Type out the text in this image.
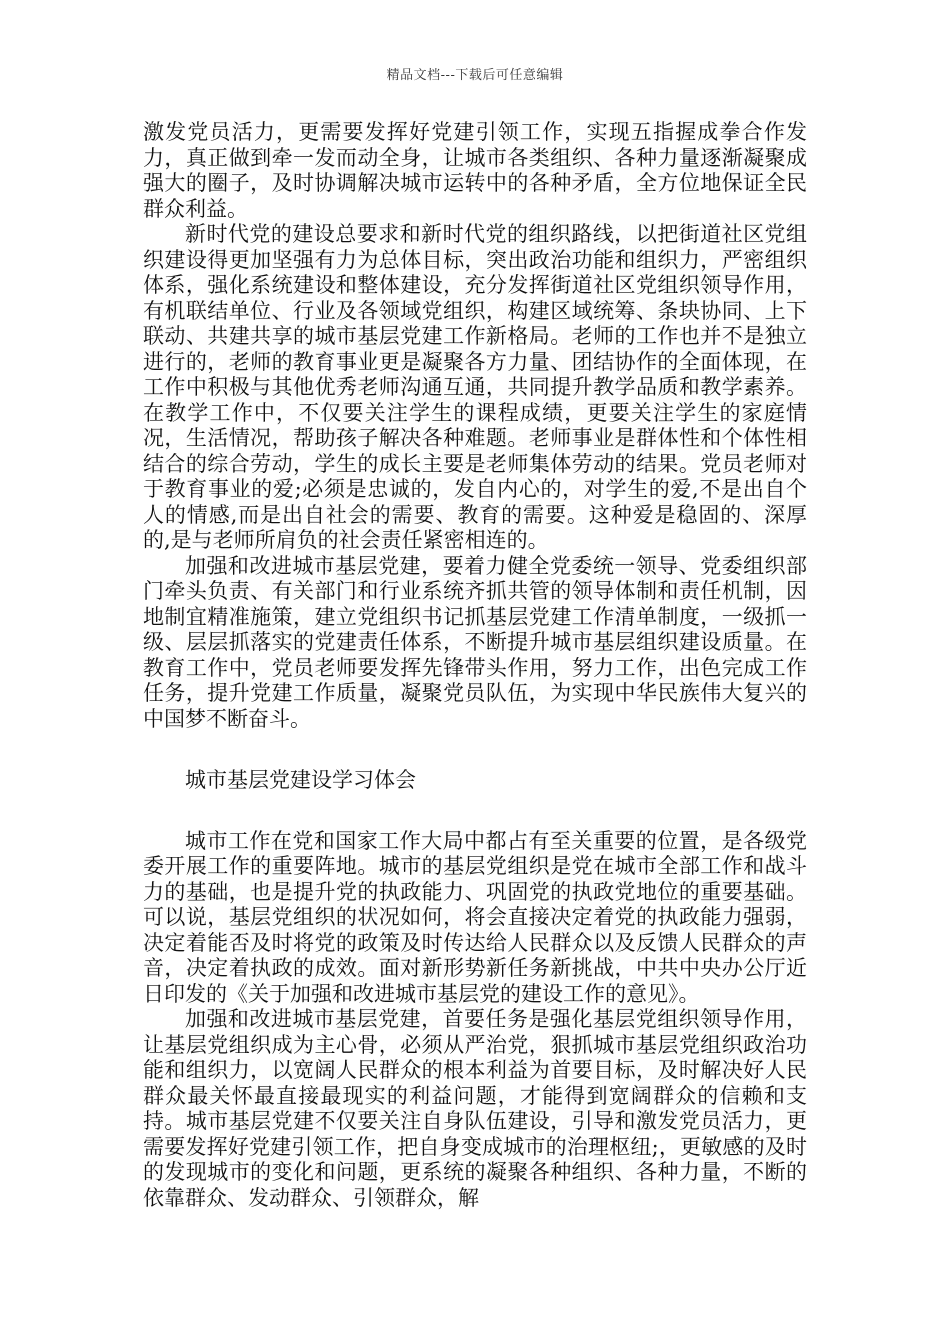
精品文档---下载后可任意编辑

激发党员活力，更需要发挥好党建引领工作，实现五指握成拳合作发力，真正做到牵一发而动全身，让城市各类组织、各种力量逐渐凝聚成强大的圈子，及时协调解决城市运转中的各种矛盾，全方位地保证全民群众利益。

新时代党的建设总要求和新时代党的组织路线，以把街道社区党组织建设得更加坚强有力为总体目标，突出政治功能和组织力，严密组织体系，强化系统建设和整体建设，充分发挥街道社区党组织领导作用，有机联结单位、行业及各领域党组织，构建区域统筹、条块协同、上下联动、共建共享的城市基层党建工作新格局。老师的工作也并不是独立进行的，老师的教育事业更是凝聚各方力量、团结协作的全面体现，在工作中积极与其他优秀老师沟通互通，共同提升教学品质和教学素养。在教学工作中，不仅要关注学生的课程成绩，更要关注学生的家庭情况，生活情况，帮助孩子解决各种难题。老师事业是群体性和个体性相结合的综合劳动，学生的成长主要是老师集体劳动的结果。党员老师对于教育事业的爱;必须是忠诚的，发自内心的，对学生的爱,不是出自个人的情感,而是出自社会的需要、教育的需要。这种爱是稳固的、深厚的,是与老师所肩负的社会责任紧密相连的。

加强和改进城市基层党建，要着力健全党委统一领导、党委组织部门牵头负责、有关部门和行业系统齐抓共管的领导体制和责任机制，因地制宜精准施策，建立党组织书记抓基层党建工作清单制度，一级抓一级、层层抓落实的党建责任体系，不断提升城市基层组织建设质量。在教育工作中，党员老师要发挥先锋带头作用，努力工作，出色完成工作任务，提升党建工作质量，凝聚党员队伍，为实现中华民族伟大复兴的中国梦不断奋斗。

城市基层党建设学习体会

城市工作在党和国家工作大局中都占有至关重要的位置，是各级党委开展工作的重要阵地。城市的基层党组织是党在城市全部工作和战斗力的基础，也是提升党的执政能力、巩固党的执政党地位的重要基础。可以说，基层党组织的状况如何，将会直接决定着党的执政能力强弱，决定着能否及时将党的政策及时传达给人民群众以及反馈人民群众的声音，决定着执政的成效。面对新形势新任务新挑战，中共中央办公厅近日印发的《关于加强和改进城市基层党的建设工作的意见》。

加强和改进城市基层党建，首要任务是强化基层党组织领导作用，让基层党组织成为主心骨，必须从严治党，狠抓城市基层党组织政治功能和组织力，以宽阔人民群众的根本利益为首要目标，及时解决好人民群众最关怀最直接最现实的利益问题，才能得到宽阔群众的信赖和支持。城市基层党建不仅要关注自身队伍建设，引导和激发党员活力，更需要发挥好党建引领工作，把自身变成城市的治理枢纽;，更敏感的及时的发现城市的变化和问题，更系统的凝聚各种组织、各种力量，不断的依靠群众、发动群众、引领群众，解
